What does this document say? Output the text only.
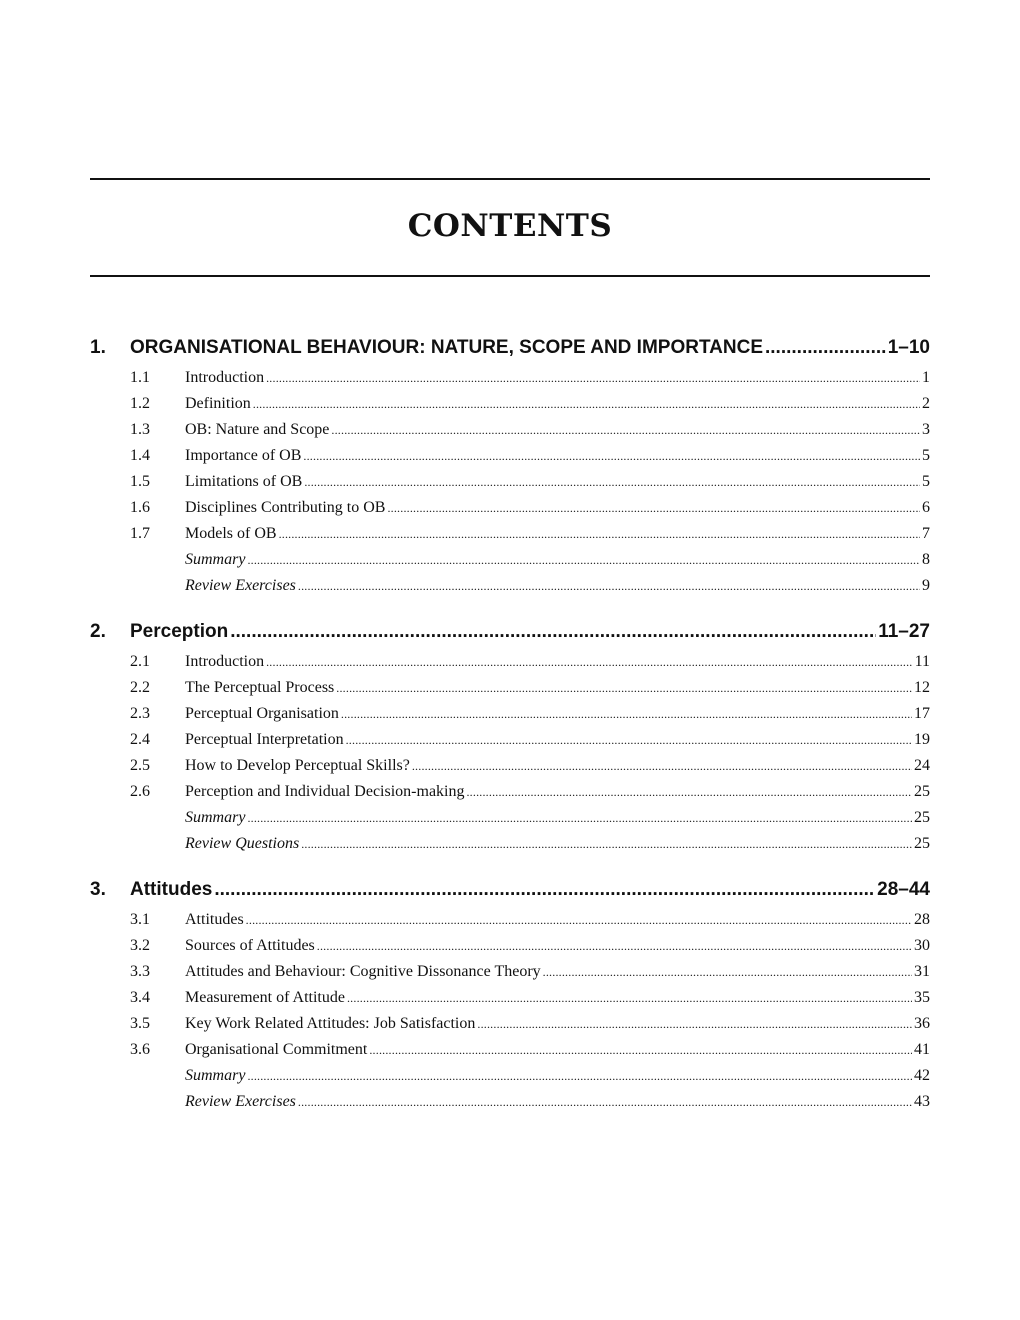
CONTENTS
1.	ORGANISATIONAL BEHAVIOUR: NATURE, SCOPE AND IMPORTANCE .....	1–10
1.1	Introduction .....	1
1.2	Definition .....	2
1.3	OB: Nature and Scope .....	3
1.4	Importance of OB .....	5
1.5	Limitations of OB .....	5
1.6	Disciplines Contributing to OB .....	6
1.7	Models of OB .....	7
Summary .....	8
Review Exercises .....	9
2.	Perception .....	11–27
2.1	Introduction .....	11
2.2	The Perceptual Process .....	12
2.3	Perceptual Organisation .....	17
2.4	Perceptual Interpretation .....	19
2.5	How to Develop Perceptual Skills? .....	24
2.6	Perception and Individual Decision-making .....	25
Summary .....	25
Review Questions .....	25
3.	Attitudes .....	28–44
3.1	Attitudes .....	28
3.2	Sources of Attitudes .....	30
3.3	Attitudes and Behaviour: Cognitive Dissonance Theory .....	31
3.4	Measurement of Attitude .....	35
3.5	Key Work Related Attitudes: Job Satisfaction .....	36
3.6	Organisational Commitment .....	41
Summary .....	42
Review Exercises .....	43
